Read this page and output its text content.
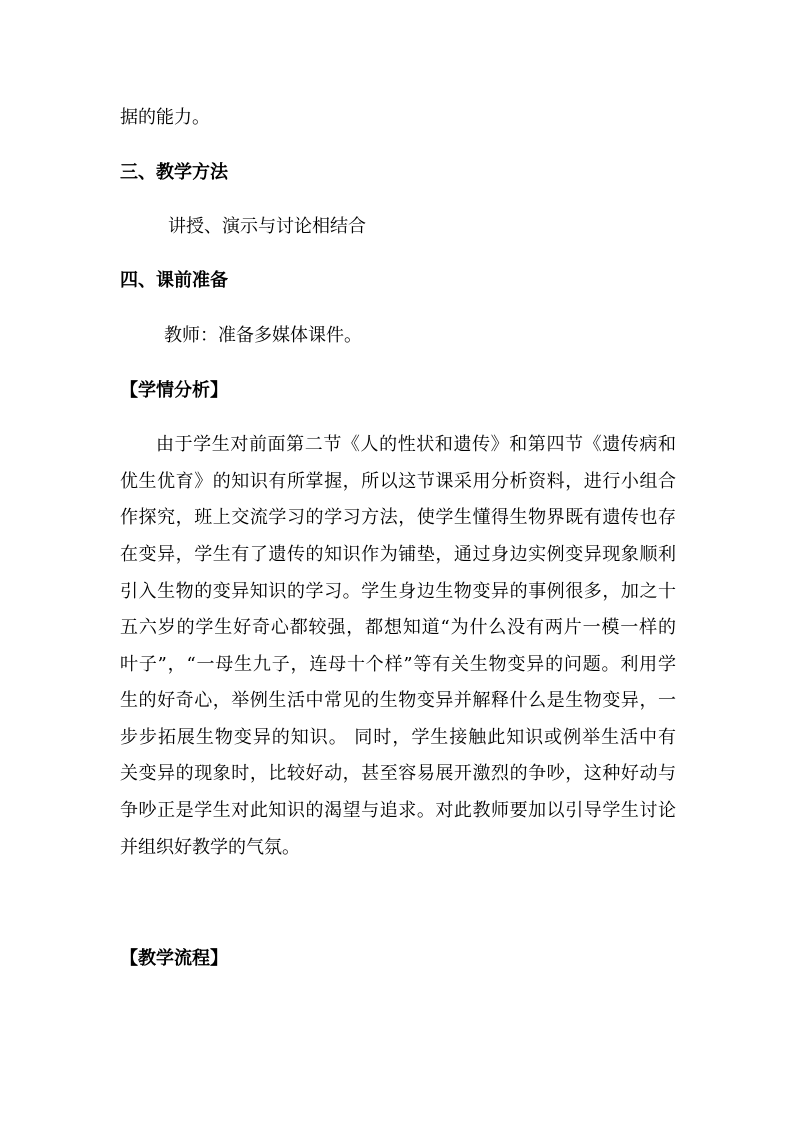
据的能力。
三、教学方法
讲授、演示与讨论相结合
四、课前准备
教师：准备多媒体课件。
【学情分析】
由于学生对前面第二节《人的性状和遗传》和第四节《遗传病和
优生优育》的知识有所掌握，所以这节课采用分析资料，进行小组合
作探究，班上交流学习的学习方法，使学生懂得生物界既有遗传也存
在变异，学生有了遗传的知识作为铺垫，通过身边实例变异现象顺利
引入生物的变异知识的学习。学生身边生物变异的事例很多，加之十
五六岁的学生好奇心都较强，都想知道“为什么没有两片一模一样的
叶子”，“一母生九子，连母十个样”等有关生物变异的问题。利用学
生的好奇心，举例生活中常见的生物变异并解释什么是生物变异，一
步步拓展生物变异的知识。 同时，学生接触此知识或例举生活中有
关变异的现象时，比较好动，甚至容易展开激烈的争吵，这种好动与
争吵正是学生对此知识的渴望与追求。对此教师要加以引导学生讨论
并组织好教学的气氛。
【教学流程】
